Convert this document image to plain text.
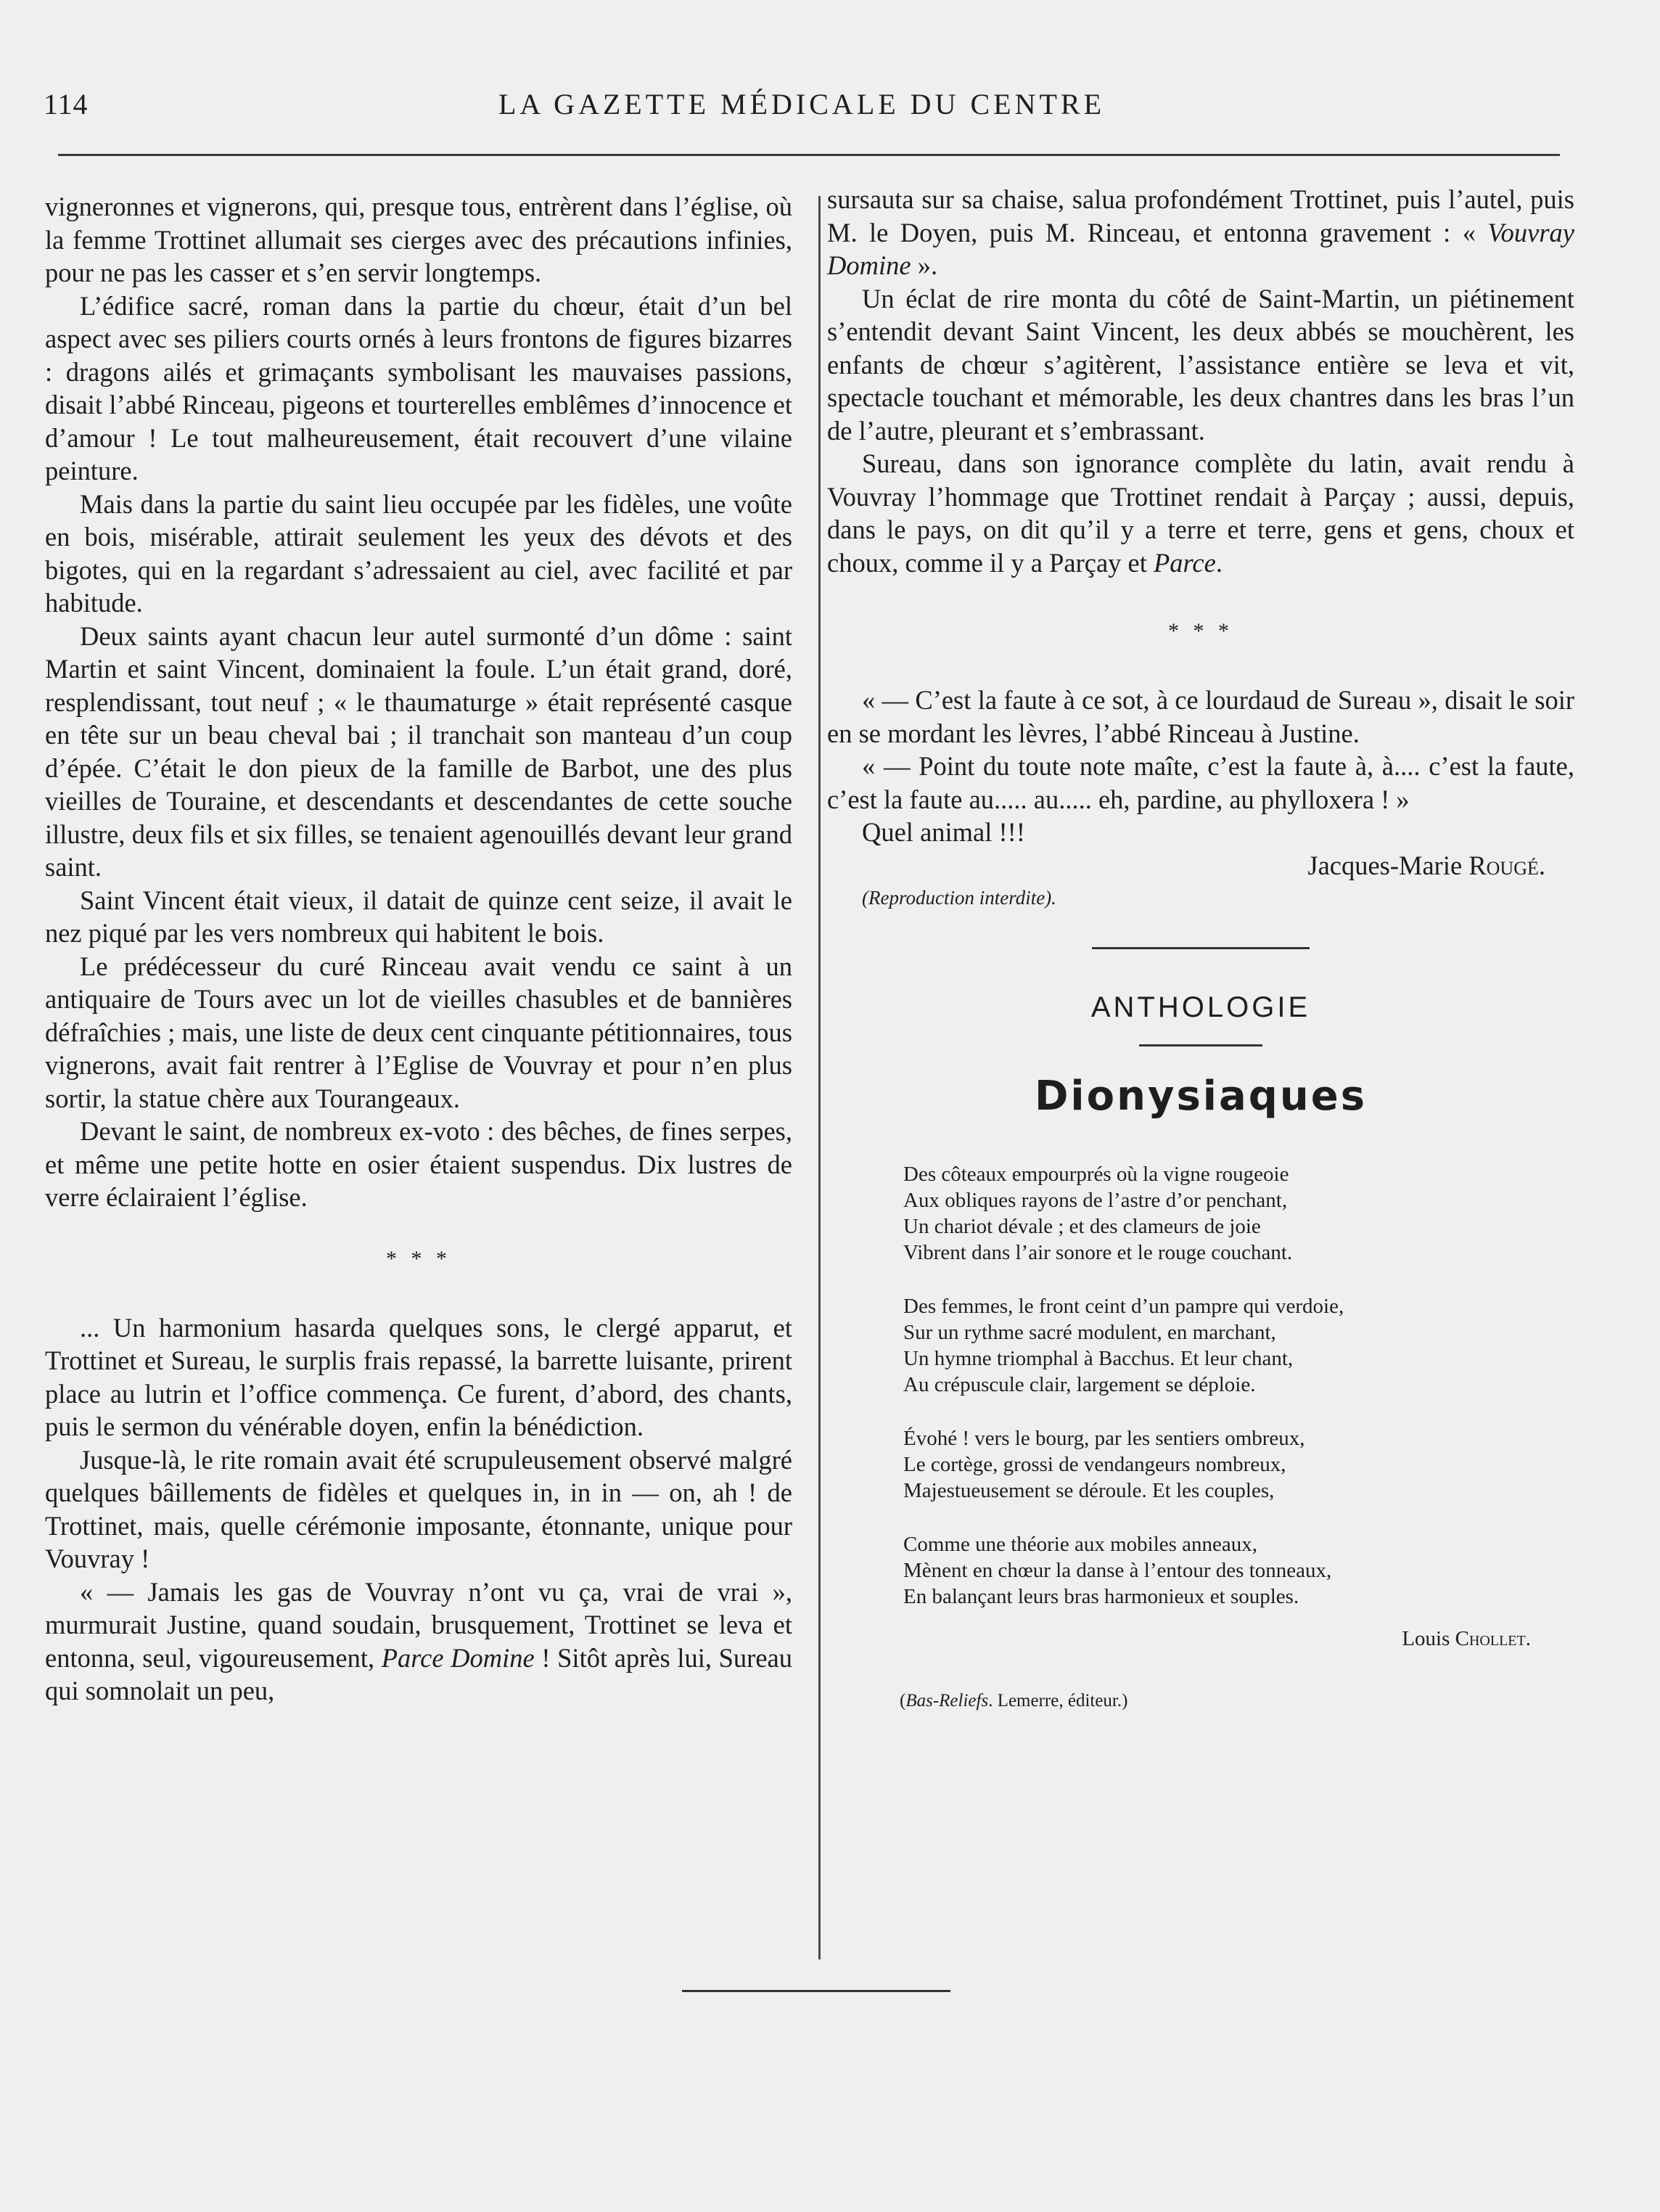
114	LA GAZETTE MÉDICALE DU CENTRE

vigneronnes et vignerons, qui, presque tous, entrèrent dans l’église, où la femme Trottinet allumait ses cierges avec des précautions infinies, pour ne pas les casser et s’en servir longtemps.

L’édifice sacré, roman dans la partie du chœur, était d’un bel aspect avec ses piliers courts ornés à leurs frontons de figures bizarres : dragons ailés et grimaçants symbolisant les mauvaises passions, disait l’abbé Rinceau, pigeons et tourterelles emblêmes d’innocence et d’amour ! Le tout malheureusement, était recouvert d’une vilaine peinture.

Mais dans la partie du saint lieu occupée par les fidèles, une voûte en bois, misérable, attirait seulement les yeux des dévots et des bigotes, qui en la regardant s’adressaient au ciel, avec facilité et par habitude.

Deux saints ayant chacun leur autel surmonté d’un dôme : saint Martin et saint Vincent, dominaient la foule. L’un était grand, doré, resplendissant, tout neuf ; « le thaumaturge » était représenté casque en tête sur un beau cheval bai ; il tranchait son manteau d’un coup d’épée. C’était le don pieux de la famille de Barbot, une des plus vieilles de Touraine, et descendants et descendantes de cette souche illustre, deux fils et six filles, se tenaient agenouillés devant leur grand saint.

Saint Vincent était vieux, il datait de quinze cent seize, il avait le nez piqué par les vers nombreux qui habitent le bois.

Le prédécesseur du curé Rinceau avait vendu ce saint à un antiquaire de Tours avec un lot de vieilles chasubles et de bannières défraîchies ; mais, une liste de deux cent cinquante pétitionnaires, tous vignerons, avait fait rentrer à l’Eglise de Vouvray et pour n’en plus sortir, la statue chère aux Tourangeaux.

Devant le saint, de nombreux ex-voto : des bêches, de fines serpes, et même une petite hotte en osier étaient suspendus. Dix lustres de verre éclairaient l’église.

* * *

... Un harmonium hasarda quelques sons, le clergé apparut, et Trottinet et Sureau, le surplis frais repassé, la barrette luisante, prirent place au lutrin et l’office commença. Ce furent, d’abord, des chants, puis le sermon du vénérable doyen, enfin la bénédiction.

Jusque-là, le rite romain avait été scrupuleusement observé malgré quelques bâillements de fidèles et quelques in, in in — on, ah ! de Trottinet, mais, quelle cérémonie imposante, étonnante, unique pour Vouvray !

« — Jamais les gas de Vouvray n’ont vu ça, vrai de vrai », murmurait Justine, quand soudain, brusquement, Trottinet se leva et entonna, seul, vigoureusement, Parce Domine ! Sitôt après lui, Sureau qui somnolait un peu,

sursauta sur sa chaise, salua profondément Trottinet, puis l’autel, puis M. le Doyen, puis M. Rinceau, et entonna gravement : « Vouvray Domine ».

Un éclat de rire monta du côté de Saint-Martin, un piétinement s’entendit devant Saint Vincent, les deux abbés se mouchèrent, les enfants de chœur s’agitèrent, l’assistance entière se leva et vit, spectacle touchant et mémorable, les deux chantres dans les bras l’un de l’autre, pleurant et s’embrassant.

Sureau, dans son ignorance complète du latin, avait rendu à Vouvray l’hommage que Trottinet rendait à Parçay ; aussi, depuis, dans le pays, on dit qu’il y a terre et terre, gens et gens, choux et choux, comme il y a Parçay et Parce.

* * *

« — C’est la faute à ce sot, à ce lourdaud de Sureau », disait le soir en se mordant les lèvres, l’abbé Rinceau à Justine.

« — Point du toute note maîte, c’est la faute à, à.... c’est la faute, c’est la faute au..... au..... eh, pardine, au phylloxera ! »

Quel animal !!!

Jacques-Marie Rougé.

(Reproduction interdite).

ANTHOLOGIE
Dionysiaques
Des côteaux empourprés où la vigne rougeoie
Aux obliques rayons de l’astre d’or penchant,
Un chariot dévale ; et des clameurs de joie
Vibrent dans l’air sonore et le rouge couchant.
Des femmes, le front ceint d’un pampre qui verdoie,
Sur un rythme sacré modulent, en marchant,
Un hymne triomphal à Bacchus. Et leur chant,
Au crépuscule clair, largement se déploie.
Évohé ! vers le bourg, par les sentiers ombreux,
Le cortège, grossi de vendangeurs nombreux,
Majestueusement se déroule. Et les couples,
Comme une théorie aux mobiles anneaux,
Mènent en chœur la danse à l’entour des tonneaux,
En balançant leurs bras harmonieux et souples.
Louis Chollet.
(Bas-Reliefs. Lemerre, éditeur.)
